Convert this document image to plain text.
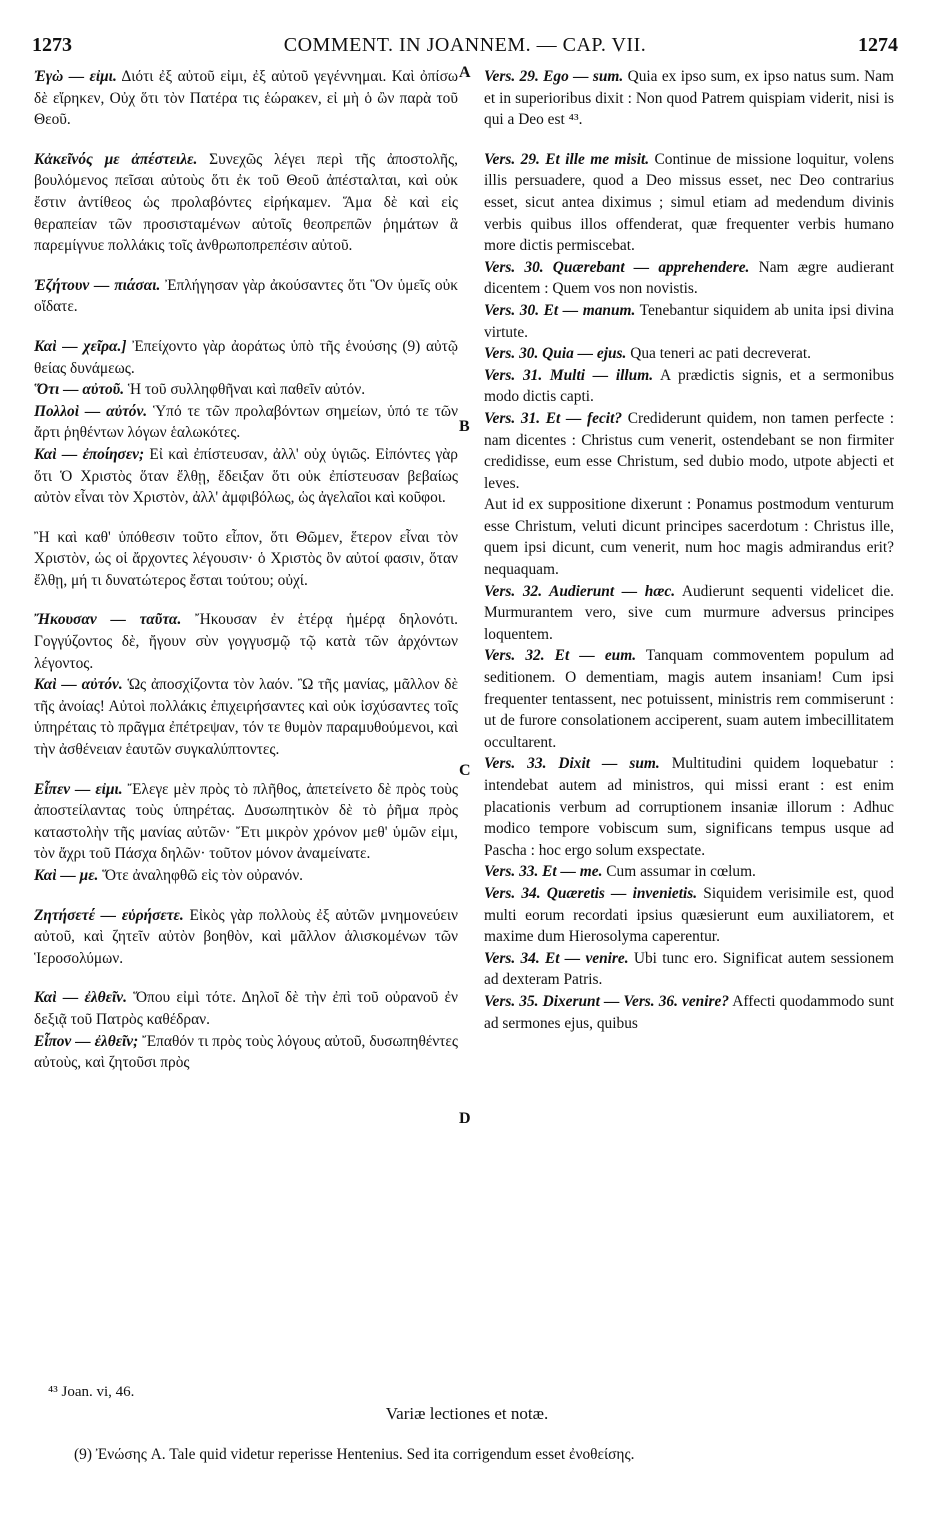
1273	COMMENT. IN JOANNEM. — CAP. VII.	1274
A
B
C
D

Ἐγὼ — εἰμι. Διότι ἐξ αὐτοῦ εἰμι, ἐξ αὐτοῦ γεγέννημαι. Καὶ ὀπίσω δὲ εἴρηκεν, Οὐχ ὅτι τὸν Πατέρα τις ἑώρακεν, εἰ μὴ ὁ ὢν παρὰ τοῦ Θεοῦ.

Κἀκεῖνός με ἀπέστειλε. Συνεχῶς λέγει περὶ τῆς ἀποστολῆς, βουλόμενος πεῖσαι αὐτοὺς ὅτι ἐκ τοῦ Θεοῦ ἀπέσταλται, καὶ οὐκ ἔστιν ἀντίθεος ὡς προλαβόντες εἰρήκαμεν. Ἅμα δὲ καὶ εἰς θεραπείαν τῶν προσισταμένων αὐτοῖς θεοπρεπῶν ῥημάτων ἃ παρεμίγνυε πολλάκις τοῖς ἀνθρωποπρεπέσιν αὐτοῦ.

Ἐζήτουν — πιάσαι. Ἐπλήγησαν γὰρ ἀκούσαντες ὅτι Ὃν ὑμεῖς οὐκ οἴδατε.

Καὶ — χεῖρα.] Ἐπείχοντο γὰρ ἀοράτως ὑπὸ τῆς ἑνούσης (9) αὐτῷ θείας δυνάμεως.

Ὅτι — αὐτοῦ. Ἡ τοῦ συλληφθῆναι καὶ παθεῖν αὐτόν.

Πολλοὶ — αὐτόν. Ὑπό τε τῶν προλαβόντων σημείων, ὑπό τε τῶν ἄρτι ῥηθέντων λόγων ἑαλωκότες.

Καὶ — ἐποίησεν; Εἰ καὶ ἐπίστευσαν, ἀλλ' οὐχ ὑγιῶς. Εἰπόντες γὰρ ὅτι Ὁ Χριστὸς ὅταν ἔλθῃ, ἔδειξαν ὅτι οὐκ ἐπίστευσαν βεβαίως αὐτὸν εἶναι τὸν Χριστὸν, ἀλλ' ἀμφιβόλως, ὡς ἀγελαῖοι καὶ κοῦφοι.

Ἢ καὶ καθ' ὑπόθεσιν τοῦτο εἶπον, ὅτι Θῶμεν, ἕτερον εἶναι τὸν Χριστὸν, ὡς οἱ ἄρχοντες λέγουσιν· ὁ Χριστὸς ὃν αὐτοί φασιν, ὅταν ἔλθῃ, μή τι δυνατώτερος ἔσται τούτου; οὐχί.

Ἤκουσαν — ταῦτα. Ἤκουσαν ἐν ἑτέρᾳ ἡμέρᾳ δηλονότι. Γογγύζοντος δὲ, ἤγουν σὺν γογγυσμῷ τῷ κατὰ τῶν ἀρχόντων λέγοντος.

Καὶ — αὐτόν. Ὡς ἀποσχίζοντα τὸν λαόν. Ὢ τῆς μανίας, μᾶλλον δὲ τῆς ἀνοίας! Αὐτοὶ πολλάκις ἐπιχειρήσαντες καὶ οὐκ ἰσχύσαντες τοῖς ὑπηρέταις τὸ πρᾶγμα ἐπέτρεψαν, τόν τε θυμὸν παραμυθούμενοι, καὶ τὴν ἀσθένειαν ἑαυτῶν συγκαλύπτοντες.

Εἶπεν — εἰμι. Ἔλεγε μὲν πρὸς τὸ πλῆθος, ἀπετείνετο δὲ πρὸς τοὺς ἀποστείλαντας τοὺς ὑπηρέτας. Δυσωπητικὸν δὲ τὸ ῥῆμα πρὸς καταστολὴν τῆς μανίας αὐτῶν· Ἔτι μικρὸν χρόνον μεθ' ὑμῶν εἰμι, τὸν ἄχρι τοῦ Πάσχα δηλῶν· τοῦτον μόνον ἀναμείνατε.

Καὶ — με. Ὅτε ἀναληφθῶ εἰς τὸν οὐρανόν.

Ζητήσετέ — εὑρήσετε. Εἰκὸς γὰρ πολλοὺς ἐξ αὐτῶν μνημονεύειν αὐτοῦ, καὶ ζητεῖν αὐτὸν βοηθὸν, καὶ μᾶλλον ἁλισκομένων τῶν Ἱεροσολύμων.

Καὶ — ἐλθεῖν. Ὅπου εἰμὶ τότε. Δηλοῖ δὲ τὴν ἐπὶ τοῦ οὐρανοῦ ἐν δεξιᾷ τοῦ Πατρὸς καθέδραν.

Εἶπον — ἐλθεῖν; Ἔπαθόν τι πρὸς τοὺς λόγους αὐτοῦ, δυσωπηθέντες αὐτοὺς, καὶ ζητοῦσι πρὸς

Vers. 29. Ego — sum. Quia ex ipso sum, ex ipso natus sum. Nam et in superioribus dixit : Non quod Patrem quispiam viderit, nisi is qui a Deo est ⁴³.

Vers. 29. Et ille me misit. Continue de missione loquitur, volens illis persuadere, quod a Deo missus esset, nec Deo contrarius esset, sicut antea diximus ; simul etiam ad medendum divinis verbis quibus illos offenderat, quæ frequenter verbis humano more dictis permiscebat.

Vers. 30. Quærebant — apprehendere. Nam ægre audierant dicentem : Quem vos non novistis.

Vers. 30. Et — manum. Tenebantur siquidem ab unita ipsi divina virtute.

Vers. 30. Quia — ejus. Qua teneri ac pati decreverat.

Vers. 31. Multi — illum. A prædictis signis, et a sermonibus modo dictis capti.

Vers. 31. Et — fecit? Crediderunt quidem, non tamen perfecte : nam dicentes : Christus cum venerit, ostendebant se non firmiter credidisse, eum esse Christum, sed dubio modo, utpote abjecti et leves.

Aut id ex suppositione dixerunt : Ponamus postmodum venturum esse Christum, veluti dicunt principes sacerdotum : Christus ille, quem ipsi dicunt, cum venerit, num hoc magis admirandus erit? nequaquam.

Vers. 32. Audierunt — hæc. Audierunt sequenti videlicet die. Murmurantem vero, sive cum murmure adversus principes loquentem.

Vers. 32. Et — eum. Tanquam commoventem populum ad seditionem. O dementiam, magis autem insaniam! Cum ipsi frequenter tentassent, nec potuissent, ministris rem commiserunt : ut de furore consolationem acciperent, suam autem imbecillitatem occultarent.

Vers. 33. Dixit — sum. Multitudini quidem loquebatur : intendebat autem ad ministros, qui missi erant : est enim placationis verbum ad corruptionem insaniæ illorum : Adhuc modico tempore vobiscum sum, significans tempus usque ad Pascha : hoc ergo solum exspectate.

Vers. 33. Et — me. Cum assumar in cœlum.

Vers. 34. Quæretis — invenietis. Siquidem verisimile est, quod multi eorum recordati ipsius quæsierunt eum auxiliatorem, et maxime dum Hierosolyma caperentur.

Vers. 34. Et — venire. Ubi tunc ero. Significat autem sessionem ad dexteram Patris.

Vers. 35. Dixerunt — Vers. 36. venire? Affecti quodammodo sunt ad sermones ejus, quibus

⁴³ Joan. vi, 46.
Variæ lectiones et notæ.
(9) Ἐνώσης A. Tale quid videtur reperisse Hentenius. Sed ita corrigendum esset ἐνοθείσης.
